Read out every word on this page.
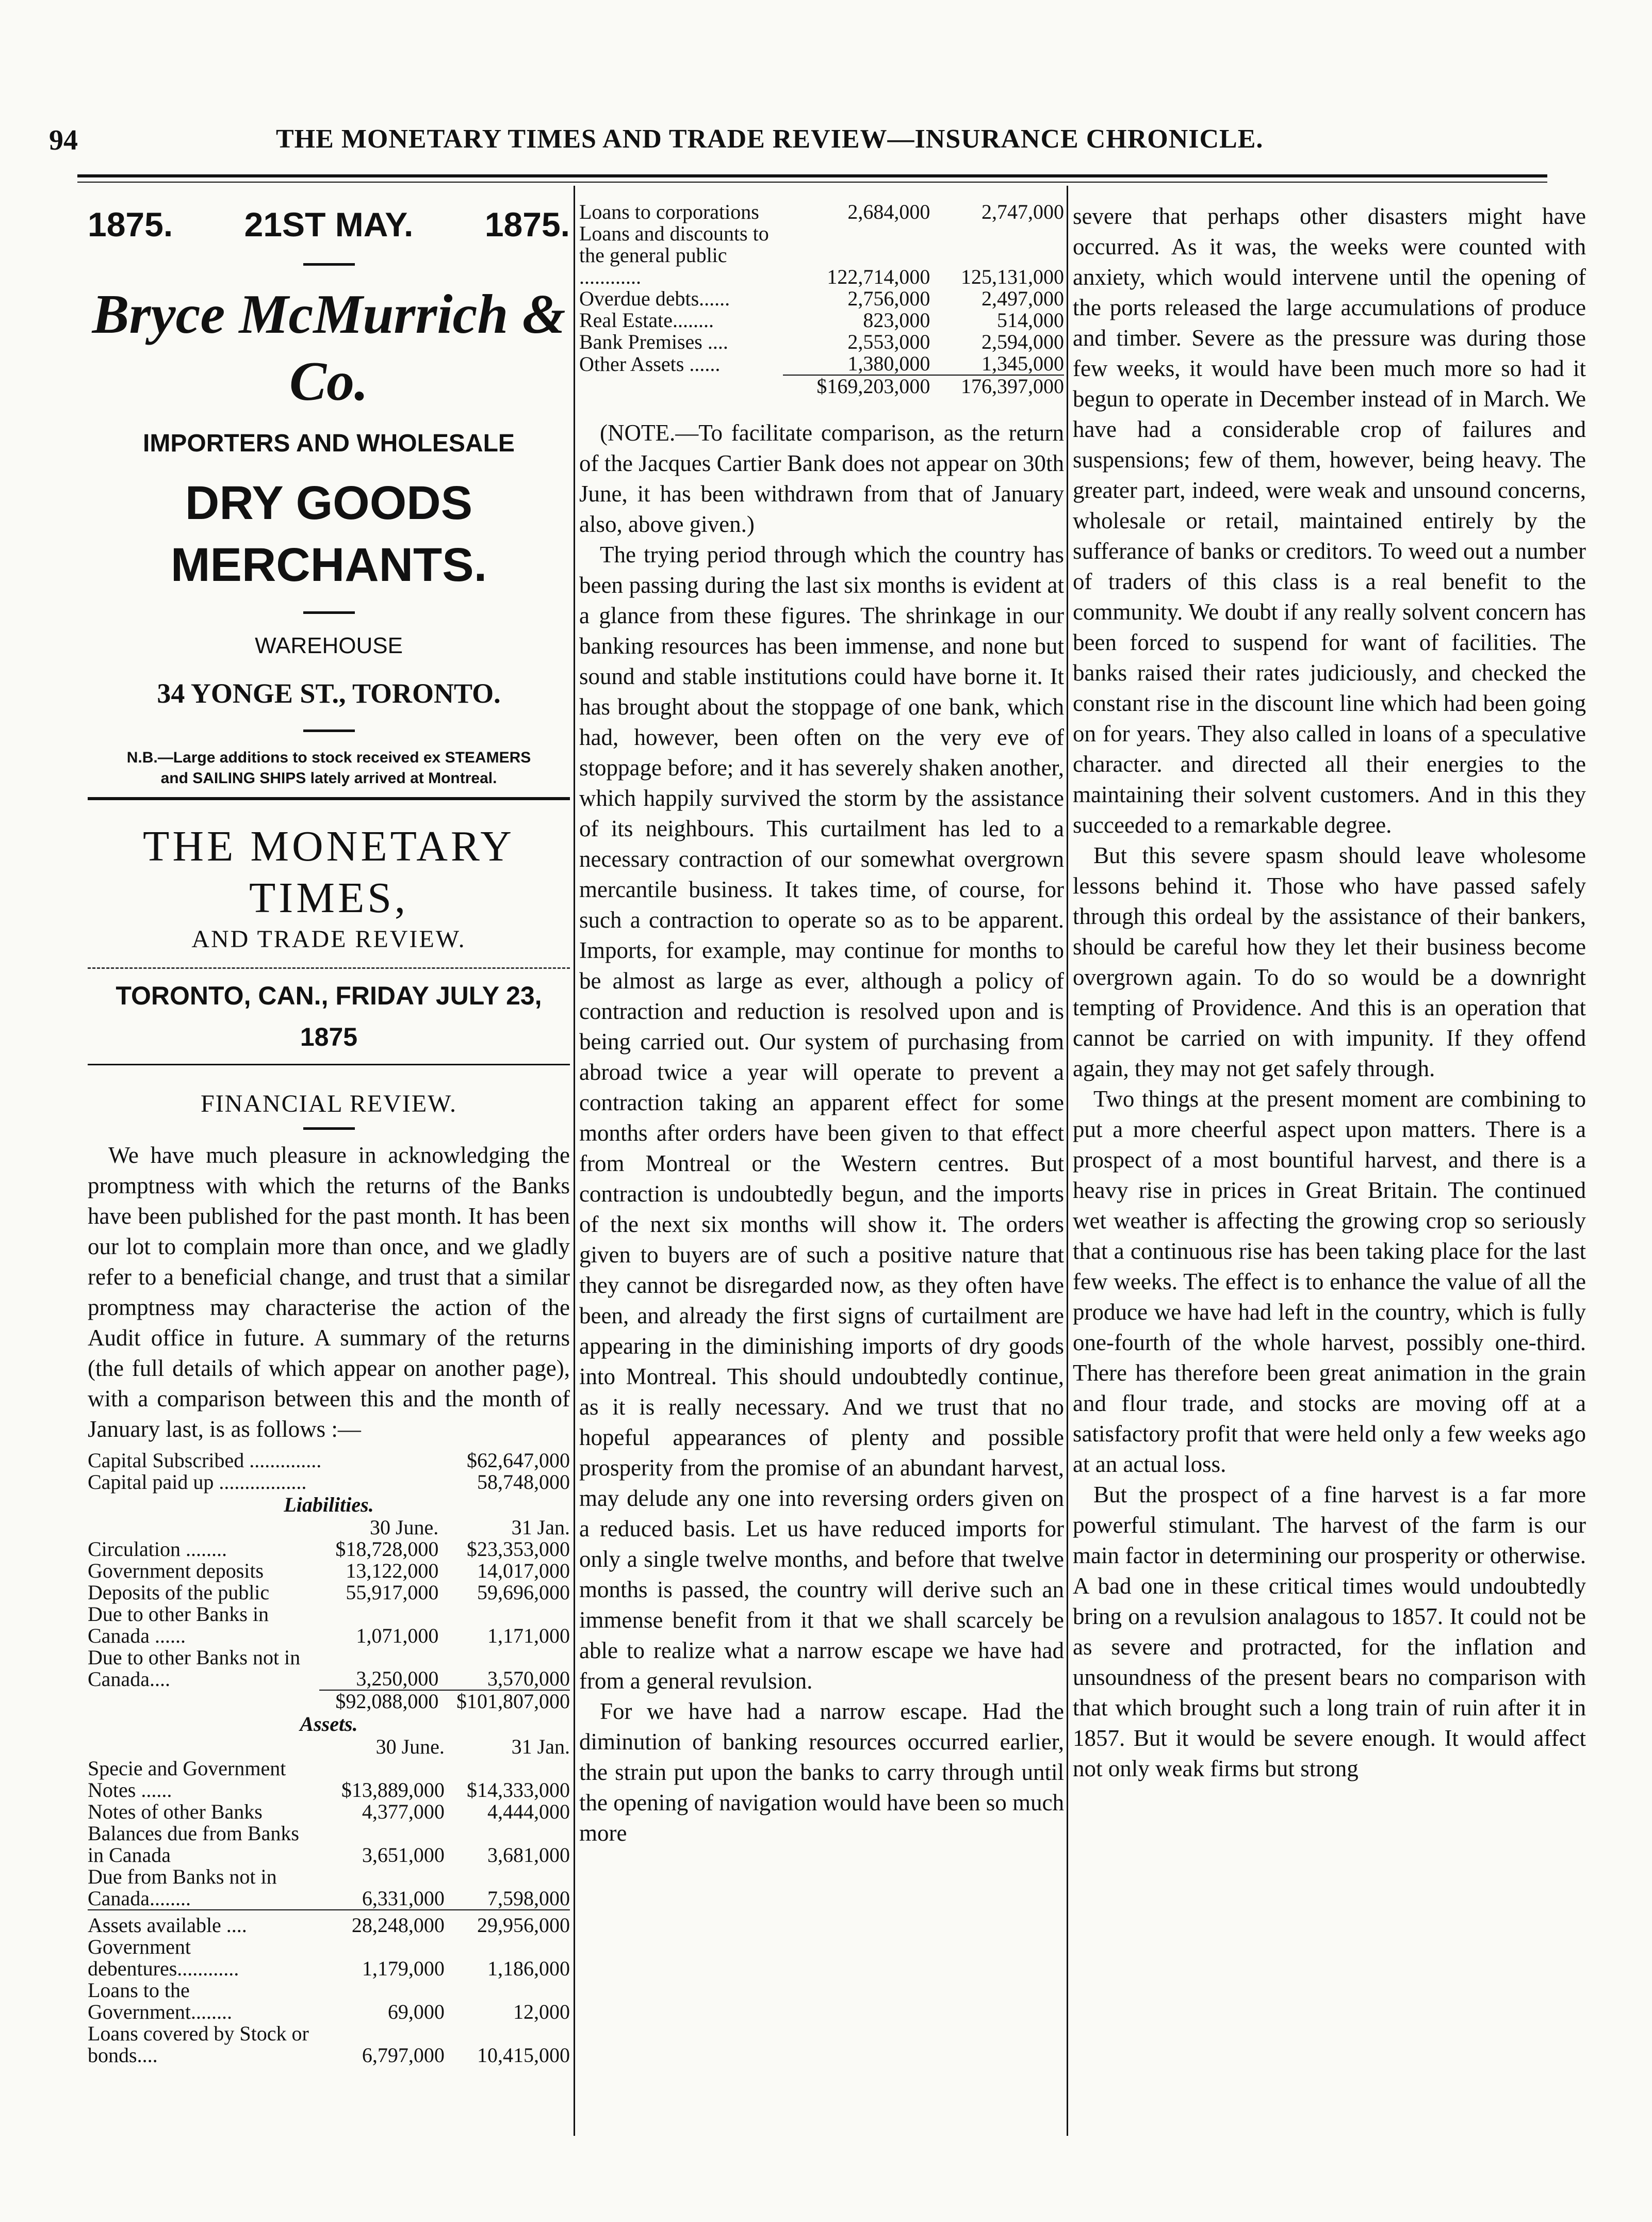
94	THE MONETARY TIMES AND TRADE REVIEW—INSURANCE CHRONICLE.
1875. 21ST MAY. 1875.
Bryce McMurrich & Co.
IMPORTERS AND WHOLESALE
DRY GOODS MERCHANTS.
WAREHOUSE
34 YONGE ST., TORONTO.
N.B.—Large additions to stock received ex STEAMERS
and SAILING SHIPS lately arrived at Montreal.
THE MONETARY TIMES,
AND TRADE REVIEW.
TORONTO, CAN., FRIDAY JULY 23, 1875
FINANCIAL REVIEW.

We have much pleasure in acknowledging the promptness with which the returns of the Banks have been published for the past month. It has been our lot to complain more than once, and we gladly refer to a beneficial change, and trust that a similar promptness may characterise the action of the Audit office in future. A summary of the returns (the full details of which appear on another page), with a comparison between this and the month of January last, is as follows :—

Capital Subscribed ..............	$62,647,000
Capital paid up .................	58,748,000
Liabilities.
	30 June.	31 Jan.
Circulation ........	$18,728,000	$23,353,000
Government deposits	13,122,000	14,017,000
Deposits of the public	55,917,000	59,696,000
Due to other Banks in Canada ......	1,071,000	1,171,000
Due to other Banks not in Canada....	3,250,000	3,570,000
	$92,088,000	$101,807,000
Assets.
	30 June.	31 Jan.
Specie and Government Notes ......	$13,889,000	$14,333,000
Notes of other Banks	4,377,000	4,444,000
Balances due from Banks in Canada	3,651,000	3,681,000
Due from Banks not in Canada........	6,331,000	7,598,000

Assets available ....	28,248,000	29,956,000
Government debentures............	1,179,000	1,186,000
Loans to the Government........	69,000	12,000
Loans covered by Stock or bonds....	6,797,000	10,415,000
Loans to corporations	2,684,000	2,747,000
Loans and discounts to the general public ............	122,714,000	125,131,000
Overdue debts......	2,756,000	2,497,000
Real Estate........	823,000	514,000
Bank Premises ....	2,553,000	2,594,000
Other Assets ......	1,380,000	1,345,000
	$169,203,000	176,397,000

(NOTE.—To facilitate comparison, as the return of the Jacques Cartier Bank does not appear on 30th June, it has been withdrawn from that of January also, above given.)

The trying period through which the country has been passing during the last six months is evident at a glance from these figures. The shrinkage in our banking resources has been immense, and none but sound and stable institutions could have borne it. It has brought about the stoppage of one bank, which had, however, been often on the very eve of stoppage before; and it has severely shaken another, which happily survived the storm by the assistance of its neighbours. This curtailment has led to a necessary contraction of our somewhat overgrown mercantile business. It takes time, of course, for such a contraction to operate so as to be apparent. Imports, for example, may continue for months to be almost as large as ever, although a policy of contraction and reduction is resolved upon and is being carried out. Our system of purchasing from abroad twice a year will operate to prevent a contraction taking an apparent effect for some months after orders have been given to that effect from Montreal or the Western centres. But contraction is undoubtedly begun, and the imports of the next six months will show it. The orders given to buyers are of such a positive nature that they cannot be disregarded now, as they often have been, and already the first signs of curtailment are appearing in the diminishing imports of dry goods into Montreal. This should undoubtedly continue, as it is really necessary. And we trust that no hopeful appearances of plenty and possible prosperity from the promise of an abundant harvest, may delude any one into reversing orders given on a reduced basis. Let us have reduced imports for only a single twelve months, and before that twelve months is passed, the country will derive such an immense benefit from it that we shall scarcely be able to realize what a narrow escape we have had from a general revulsion.

For we have had a narrow escape. Had the diminution of banking resources occurred earlier, the strain put upon the banks to carry through until the opening of navigation would have been so much more

severe that perhaps other disasters might have occurred. As it was, the weeks were counted with anxiety, which would intervene until the opening of the ports released the large accumulations of produce and timber. Severe as the pressure was during those few weeks, it would have been much more so had it begun to operate in December instead of in March. We have had a considerable crop of failures and suspensions; few of them, however, being heavy. The greater part, indeed, were weak and unsound concerns, wholesale or retail, maintained entirely by the sufferance of banks or creditors. To weed out a number of traders of this class is a real benefit to the community. We doubt if any really solvent concern has been forced to suspend for want of facilities. The banks raised their rates judiciously, and checked the constant rise in the discount line which had been going on for years. They also called in loans of a speculative character. and directed all their energies to the maintaining their solvent customers. And in this they succeeded to a remarkable degree.

But this severe spasm should leave wholesome lessons behind it. Those who have passed safely through this ordeal by the assistance of their bankers, should be careful how they let their business become overgrown again. To do so would be a downright tempting of Providence. And this is an operation that cannot be carried on with impunity. If they offend again, they may not get safely through.

Two things at the present moment are combining to put a more cheerful aspect upon matters. There is a prospect of a most bountiful harvest, and there is a heavy rise in prices in Great Britain. The continued wet weather is affecting the growing crop so seriously that a continuous rise has been taking place for the last few weeks. The effect is to enhance the value of all the produce we have had left in the country, which is fully one-fourth of the whole harvest, possibly one-third. There has therefore been great animation in the grain and flour trade, and stocks are moving off at a satisfactory profit that were held only a few weeks ago at an actual loss.

But the prospect of a fine harvest is a far more powerful stimulant. The harvest of the farm is our main factor in determining our prosperity or otherwise. A bad one in these critical times would undoubtedly bring on a revulsion analagous to 1857. It could not be as severe and protracted, for the inflation and unsoundness of the present bears no comparison with that which brought such a long train of ruin after it in 1857. But it would be severe enough. It would affect not only weak firms but strong
